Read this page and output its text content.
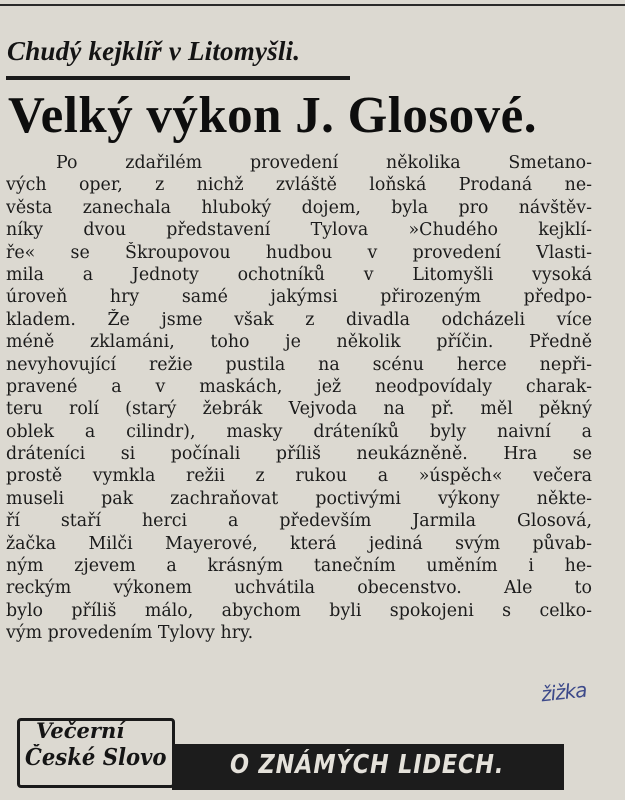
Chudý kejklíř v Litomyšli.
Velký výkon J. Glosové.
Po zdařilém provedení několika Smetano-
vých oper, z nichž zvláště loňská Prodaná ne-
věsta zanechala hluboký dojem, byla pro návštěv-
níky dvou představení Tylova »Chudého kejklí-
ře« se Škroupovou hudbou v provedení Vlasti-
mila a Jednoty ochotníků v Litomyšli vysoká
úroveň hry samé jakýmsi přirozeným předpo-
kladem. Že jsme však z divadla odcházeli více
méně zklamáni, toho je několik příčin. Předně
nevyhovující režie pustila na scénu herce nepři-
pravené a v maskách, jež neodpovídaly charak-
teru rolí (starý žebrák Vejvoda na př. měl pěkný
oblek a cilindr), masky dráteníků byly naivní a
dráteníci si počínali příliš neukázněně. Hra se
prostě vymkla režii z rukou a »úspěch« večera
museli pak zachraňovat poctivými výkony někte-
ří staří herci a především Jarmila Glosová,
žačka Milči Mayerové, která jediná svým půvab-
ným zjevem a krásným tanečním uměním i he-
reckým výkonem uchvátila obecenstvo. Ale to
bylo příliš málo, abychom byli spokojeni s celko-
vým provedením Tylovy hry.
žižka
Večerní
České Slovo O ZNÁMÝCH LIDECH.
